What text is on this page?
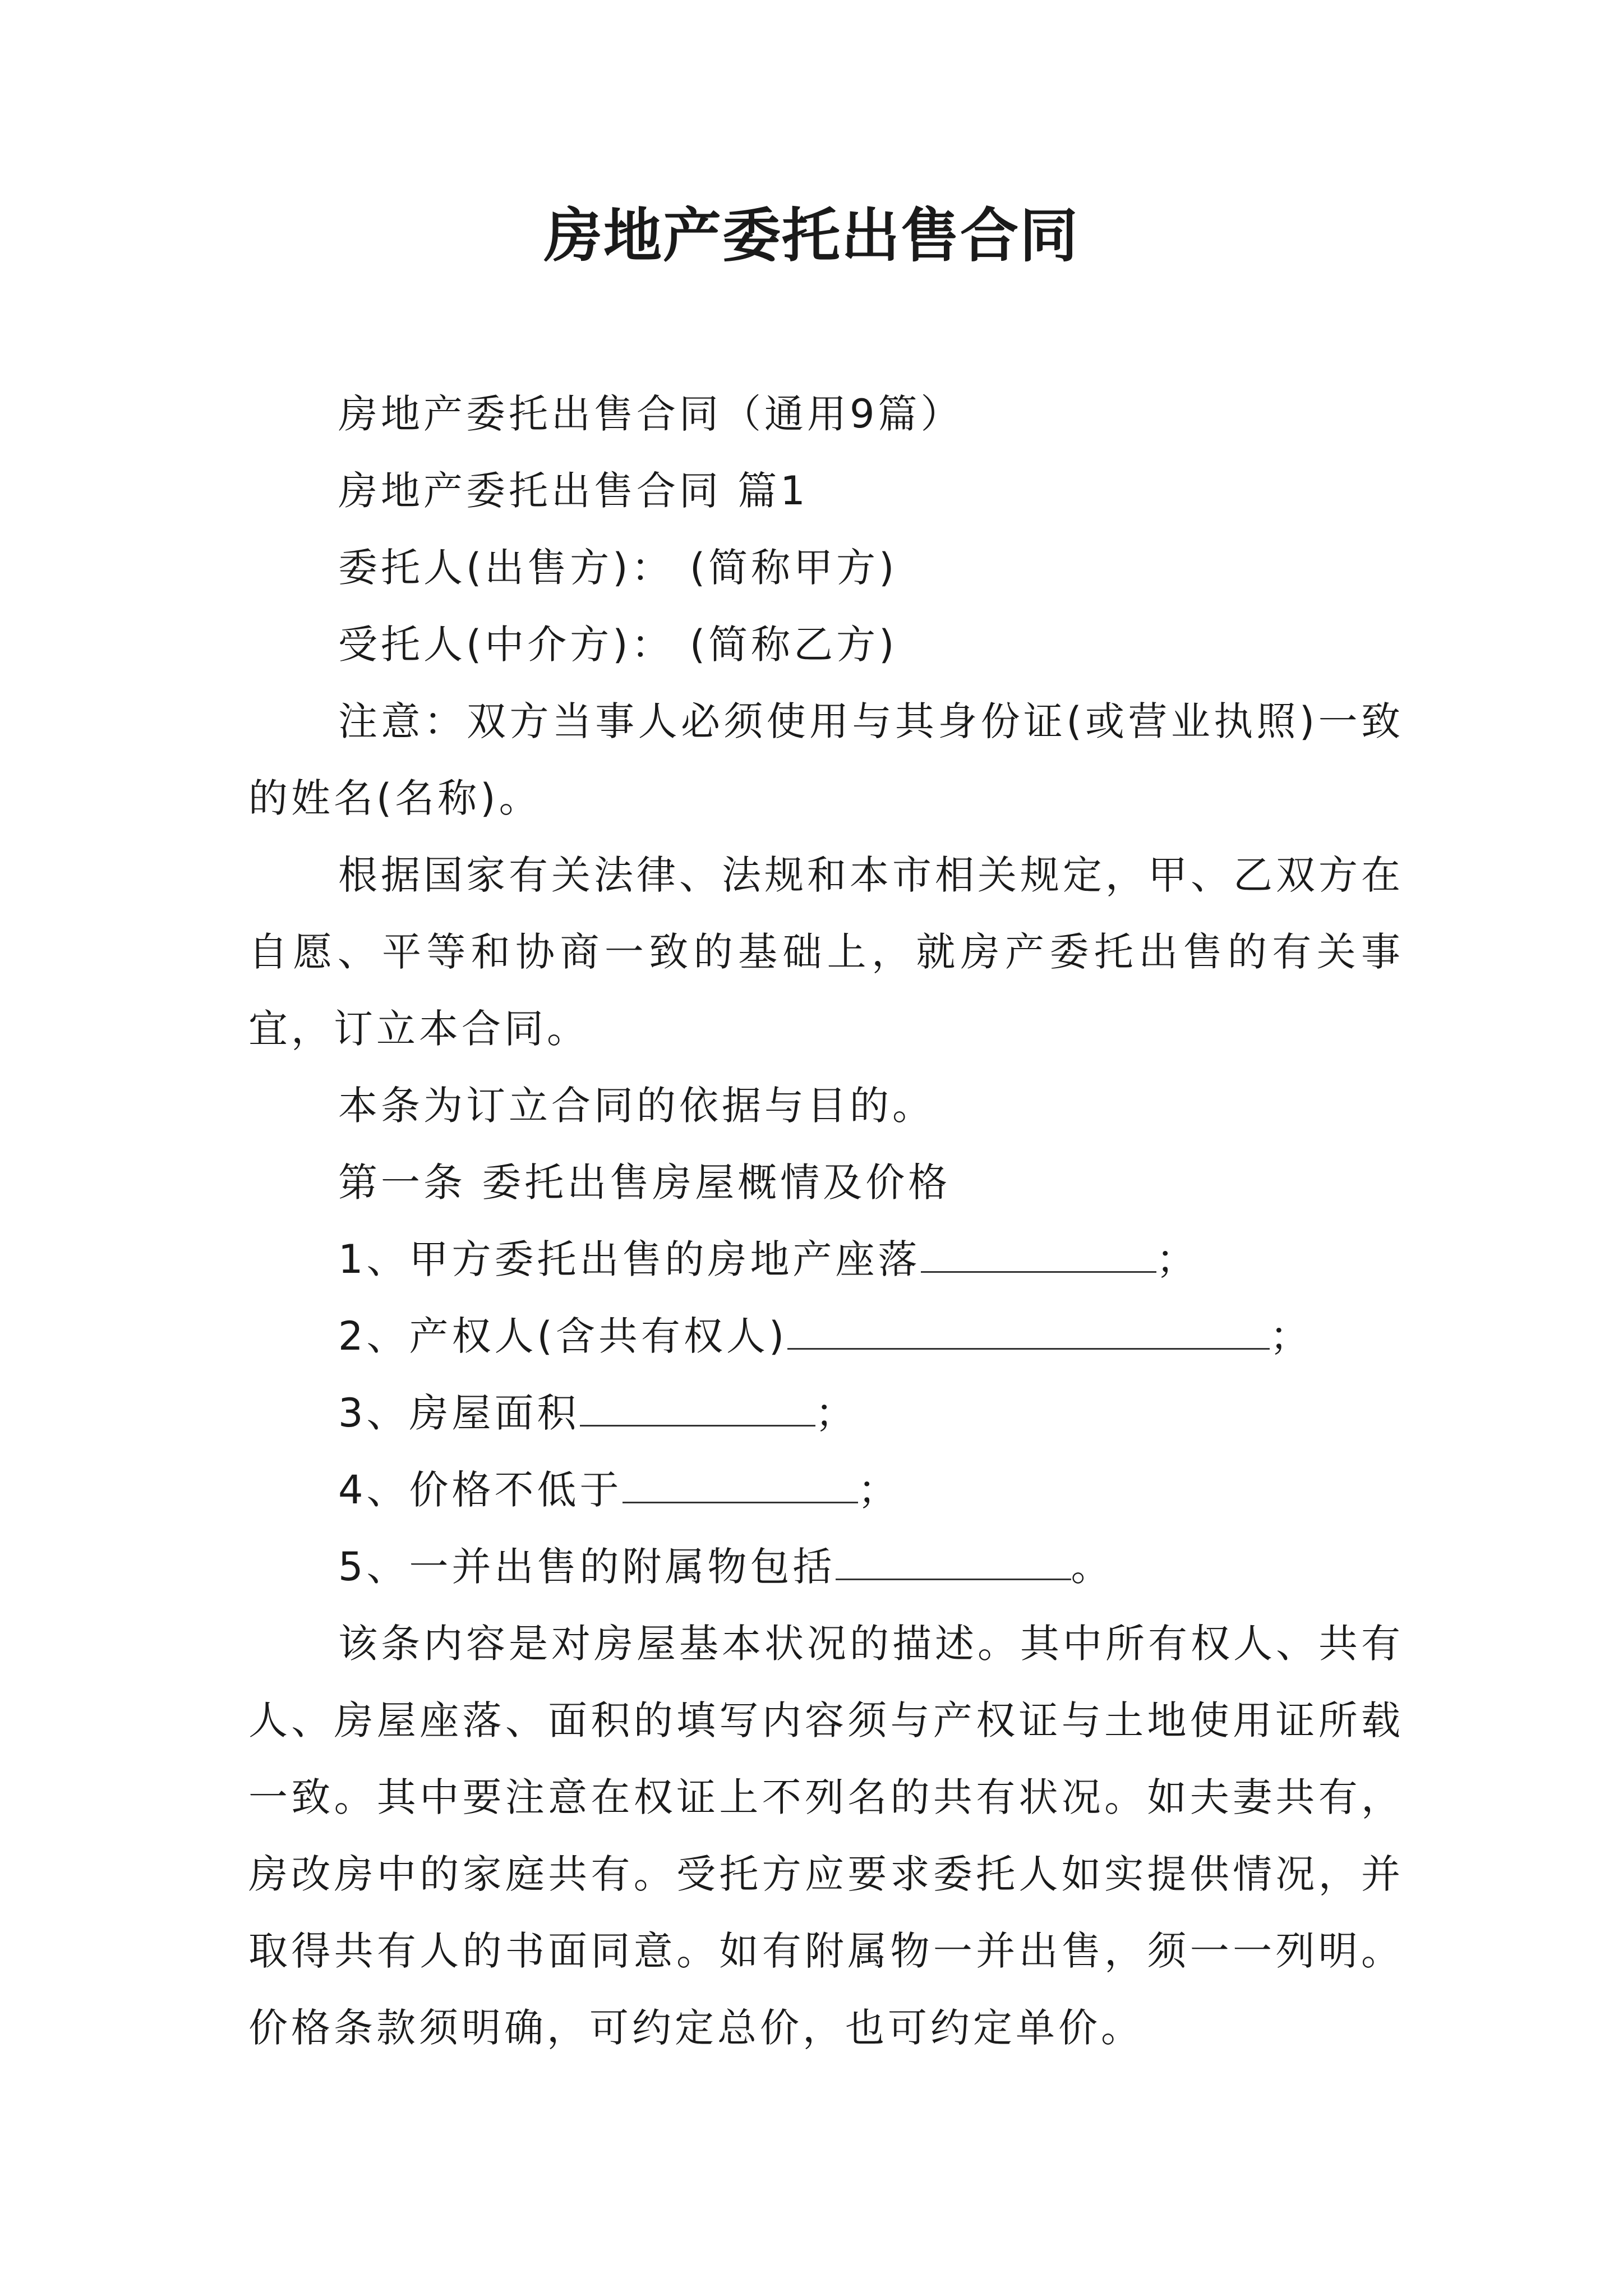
房地产委托出售合同

房地产委托出售合同（通用9篇）

房地产委托出售合同 篇1

委托人(出售方)： (简称甲方)

受托人(中介方)： (简称乙方)

注意：双方当事人必须使用与其身份证(或营业执照)一致的姓名(名称)。

根据国家有关法律、法规和本市相关规定，甲、乙双方在自愿、平等和协商一致的基础上，就房产委托出售的有关事宜，订立本合同。

本条为订立合同的依据与目的。

第一条 委托出售房屋概情及价格

1、甲方委托出售的房地产座落	；

2、产权人(含共有权人)	；

3、房屋面积	；

4、价格不低于	；

5、一并出售的附属物包括	。

该条内容是对房屋基本状况的描述。其中所有权人、共有人、房屋座落、面积的填写内容须与产权证与土地使用证所载一致。其中要注意在权证上不列名的共有状况。如夫妻共有，房改房中的家庭共有。受托方应要求委托人如实提供情况，并取得共有人的书面同意。如有附属物一并出售，须一一列明。价格条款须明确，可约定总价，也可约定单价。
